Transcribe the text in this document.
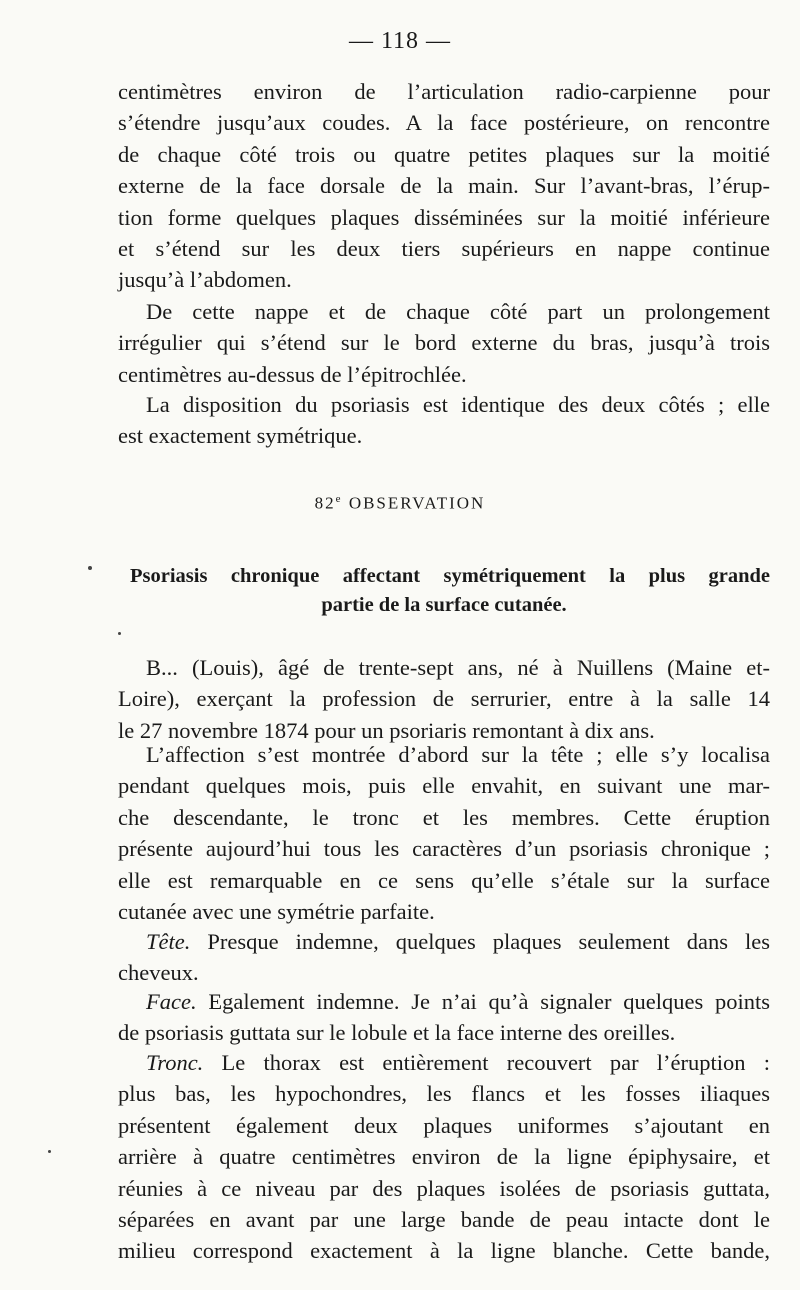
— 118 —
centimètres environ de l’articulation radio-carpienne pour
s’étendre jusqu’aux coudes. A la face postérieure, on rencontre
de chaque côté trois ou quatre petites plaques sur la moitié
externe de la face dorsale de la main. Sur l’avant-bras, l’érup-
tion forme quelques plaques disséminées sur la moitié inférieure
et s’étend sur les deux tiers supérieurs en nappe continue
jusqu’à l’abdomen.
De cette nappe et de chaque côté part un prolongement
irrégulier qui s’étend sur le bord externe du bras, jusqu’à trois
centimètres au-dessus de l’épitrochlée.
La disposition du psoriasis est identique des deux côtés ; elle
est exactement symétrique.
82e OBSERVATION
Psoriasis chronique affectant symétriquement la plus grande
partie de la surface cutanée.
B... (Louis), âgé de trente-sept ans, né à Nuillens (Maine et-
Loire), exerçant la profession de serrurier, entre à la salle 14
le 27 novembre 1874 pour un psoriaris remontant à dix ans.
L’affection s’est montrée d’abord sur la tête ; elle s’y localisa
pendant quelques mois, puis elle envahit, en suivant une mar-
che descendante, le tronc et les membres. Cette éruption
présente aujourd’hui tous les caractères d’un psoriasis chronique ;
elle est remarquable en ce sens qu’elle s’étale sur la surface
cutanée avec une symétrie parfaite.
Tête. Presque indemne, quelques plaques seulement dans les
cheveux.
Face. Egalement indemne. Je n’ai qu’à signaler quelques points
de psoriasis guttata sur le lobule et la face interne des oreilles.
Tronc. Le thorax est entièrement recouvert par l’éruption :
plus bas, les hypochondres, les flancs et les fosses iliaques
présentent également deux plaques uniformes s’ajoutant en
arrière à quatre centimètres environ de la ligne épiphysaire, et
réunies à ce niveau par des plaques isolées de psoriasis guttata,
séparées en avant par une large bande de peau intacte dont le
milieu correspond exactement à la ligne blanche. Cette bande,
